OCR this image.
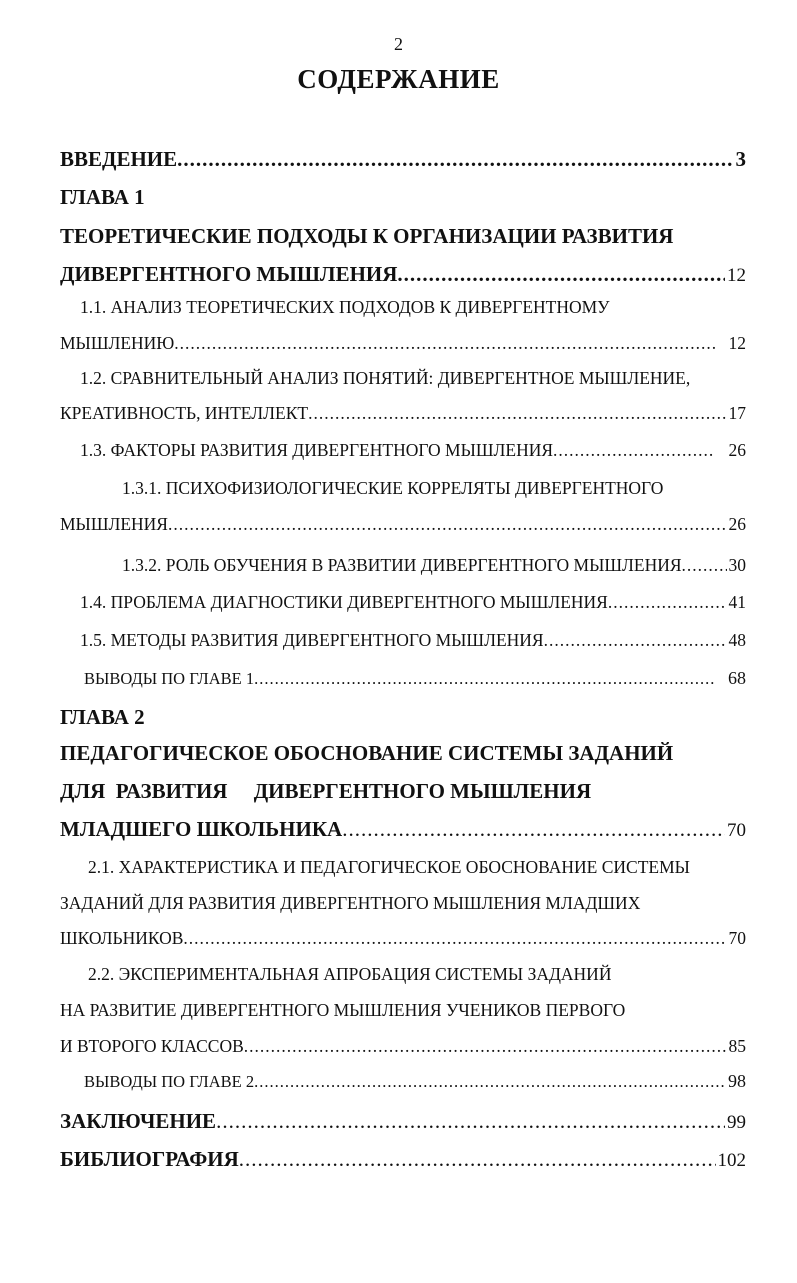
2
СОДЕРЖАНИЕ
ВВЕДЕНИЕ .....	3
ГЛАВА 1
ТЕОРЕТИЧЕСКИЕ ПОДХОДЫ К ОРГАНИЗАЦИИ РАЗВИТИЯ
ДИВЕРГЕНТНОГО МЫШЛЕНИЯ .....	12
1.1. АНАЛИЗ ТЕОРЕТИЧЕСКИХ ПОДХОДОВ К ДИВЕРГЕНТНОМУ
МЫШЛЕНИЮ .....	12
1.2. СРАВНИТЕЛЬНЫЙ АНАЛИЗ ПОНЯТИЙ: ДИВЕРГЕНТНОЕ МЫШЛЕНИЕ,
КРЕАТИВНОСТЬ, ИНТЕЛЛЕКТ .....	17
1.3. ФАКТОРЫ РАЗВИТИЯ ДИВЕРГЕНТНОГО МЫШЛЕНИЯ .....	26
1.3.1. ПСИХОФИЗИОЛОГИЧЕСКИЕ КОРРЕЛЯТЫ ДИВЕРГЕНТНОГО
МЫШЛЕНИЯ .....	26
1.3.2. РОЛЬ ОБУЧЕНИЯ В РАЗВИТИИ ДИВЕРГЕНТНОГО МЫШЛЕНИЯ .....	30
1.4. ПРОБЛЕМА ДИАГНОСТИКИ ДИВЕРГЕНТНОГО МЫШЛЕНИЯ .....	41
1.5. МЕТОДЫ РАЗВИТИЯ ДИВЕРГЕНТНОГО МЫШЛЕНИЯ .....	48
ВЫВОДЫ ПО ГЛАВЕ 1 .....	68
ГЛАВА 2
ПЕДАГОГИЧЕСКОЕ ОБОСНОВАНИЕ СИСТЕМЫ ЗАДАНИЙ
ДЛЯ  РАЗВИТИЯ     ДИВЕРГЕНТНОГО МЫШЛЕНИЯ
МЛАДШЕГО ШКОЛЬНИКА .....	70
2.1. ХАРАКТЕРИСТИКА И ПЕДАГОГИЧЕСКОЕ ОБОСНОВАНИЕ СИСТЕМЫ
ЗАДАНИЙ ДЛЯ РАЗВИТИЯ ДИВЕРГЕНТНОГО МЫШЛЕНИЯ МЛАДШИХ
ШКОЛЬНИКОВ .....	70
2.2. ЭКСПЕРИМЕНТАЛЬНАЯ АПРОБАЦИЯ СИСТЕМЫ ЗАДАНИЙ
НА РАЗВИТИЕ ДИВЕРГЕНТНОГО МЫШЛЕНИЯ УЧЕНИКОВ ПЕРВОГО
И ВТОРОГО КЛАССОВ .....	85
ВЫВОДЫ ПО ГЛАВЕ 2 .....	98
ЗАКЛЮЧЕНИЕ .....	99
БИБЛИОГРАФИЯ .....	102
